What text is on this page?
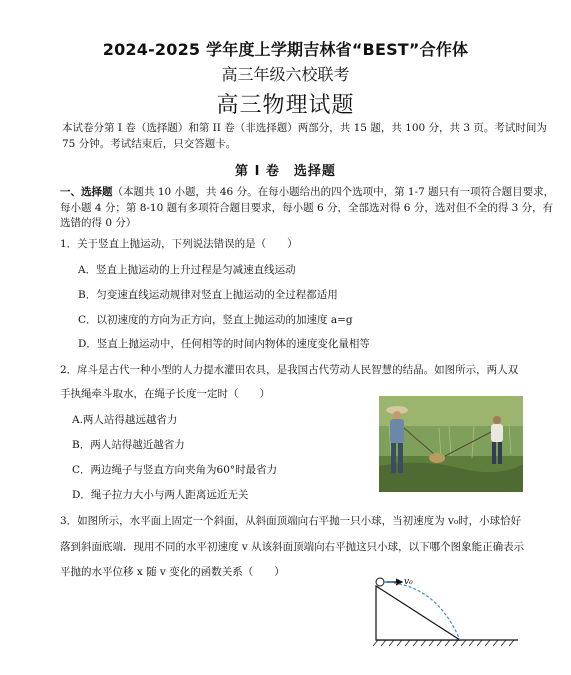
2024-2025 学年度上学期吉林省“BEST”合作体
高三年级六校联考
高三物理试题
本试卷分第 I 卷（选择题）和第 II 卷（非选择题）两部分，共 15 题，共 100 分，共 3 页。考试时间为 75 分钟。考试结束后，只交答题卡。
第 I 卷　选择题
一、选择题（本题共 10 小题，共 46 分。在每小题给出的四个选项中，第 1-7 题只有一项符合题目要求，每小题 4 分；第 8-10 题有多项符合题目要求，每小题 6 分，全部选对得 6 分，选对但不全的得 3 分，有选错的得 0 分）
1．关于竖直上抛运动，下列说法错误的是（　　）
A．竖直上抛运动的上升过程是匀减速直线运动
B．匀变速直线运动规律对竖直上抛运动的全过程都适用
C．以初速度的方向为正方向，竖直上抛运动的加速度 a=g
D．竖直上抛运动中，任何相等的时间内物体的速度变化量相等
2．戽斗是古代一种小型的人力提水灌田农具，是我国古代劳动人民智慧的结晶。如图所示，两人双
手执绳牵斗取水，在绳子长度一定时（　　）
A.两人站得越远越省力
B．两人站得越近越省力
C．两边绳子与竖直方向夹角为60°时最省力
D．绳子拉力大小与两人距离远近无关
3．如图所示，水平面上固定一个斜面，从斜面顶端向右平抛一只小球，当初速度为 v₀时，小球恰好
落到斜面底端．现用不同的水平初速度 v 从该斜面顶端向右平抛这只小球，以下哪个图象能正确表示
平抛的水平位移 x 随 v 变化的函数关系（　　）
v₀
